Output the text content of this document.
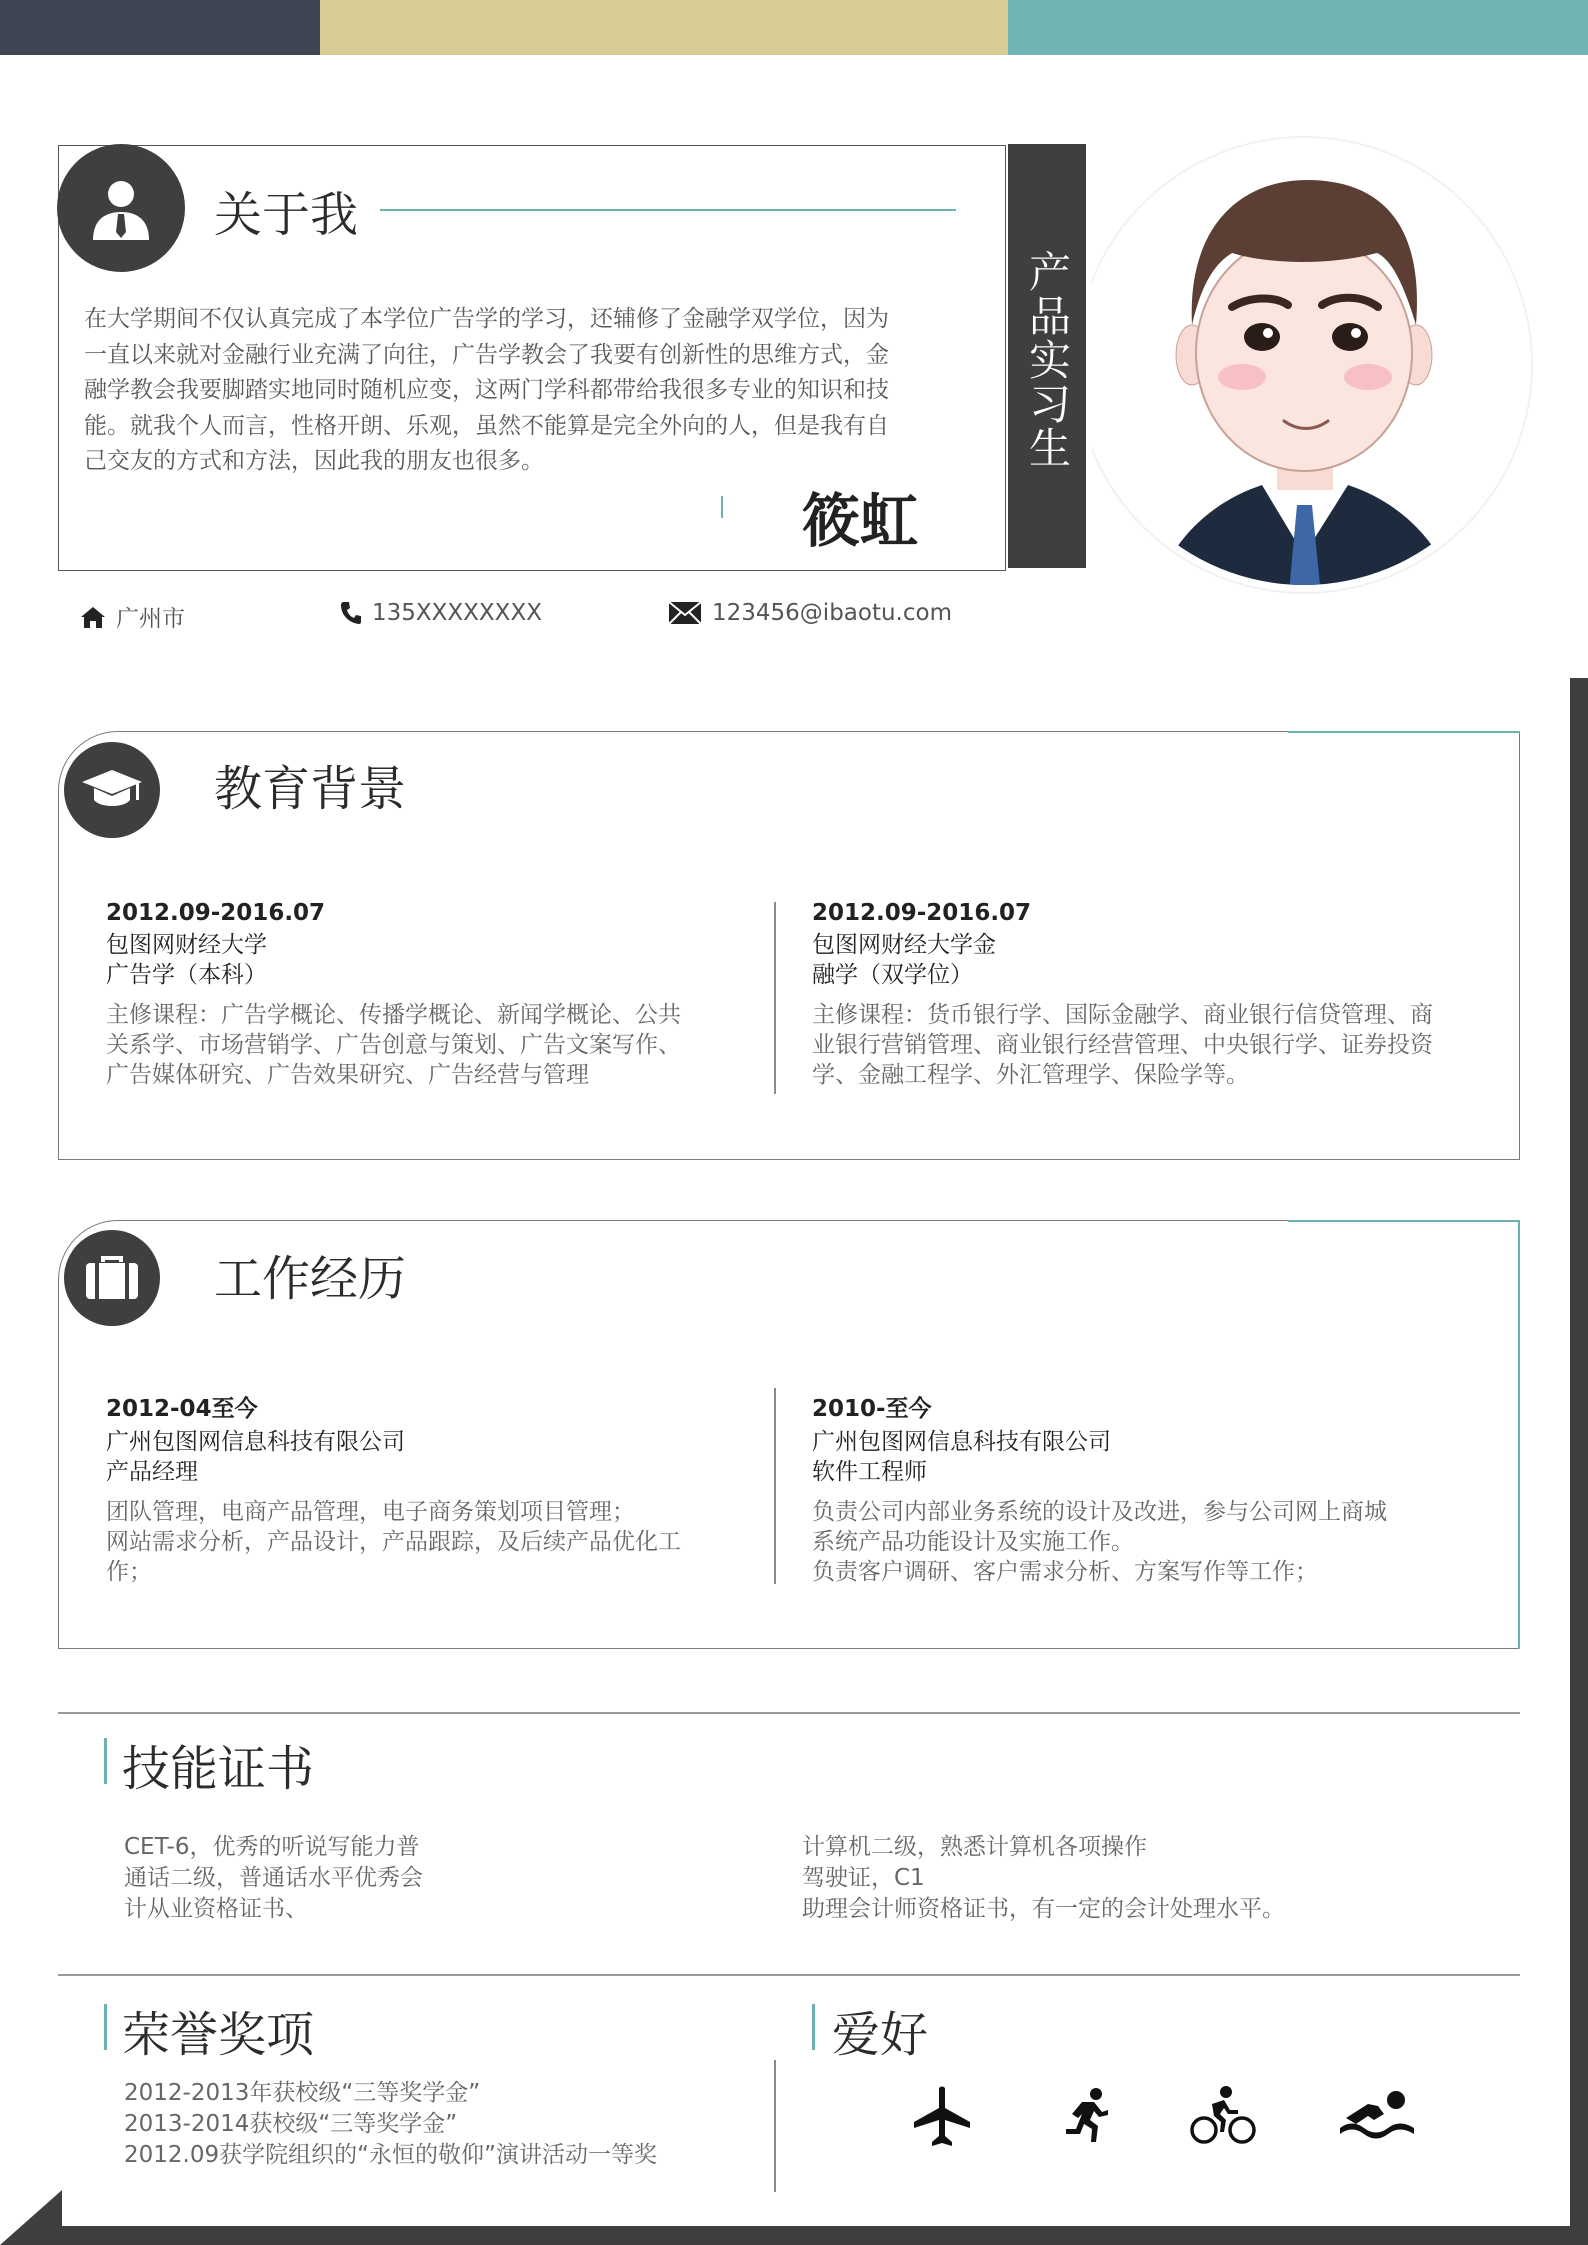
关于我
在大学期间不仅认真完成了本学位广告学的学习，还辅修了金融学双学位，因为
一直以来就对金融行业充满了向往，广告学教会了我要有创新性的思维方式，金
融学教会我要脚踏实地同时随机应变，这两门学科都带给我很多专业的知识和技
能。就我个人而言，性格开朗、乐观，虽然不能算是完全外向的人，但是我有自
己交友的方式和方法，因此我的朋友也很多。
筱虹
产品实习生
广州市	135XXXXXXXX	123456@ibaotu.com
教育背景

2012.09-2016.07

包图网财经大学

广告学（本科）

主修课程：广告学概论、传播学概论、新闻学概论、公共
关系学、市场营销学、广告创意与策划、广告文案写作、
广告媒体研究、广告效果研究、广告经营与管理

2012.09-2016.07

包图网财经大学金

融学（双学位）

主修课程：货币银行学、国际金融学、商业银行信贷管理、商
业银行营销管理、商业银行经营管理、中央银行学、证券投资
学、金融工程学、外汇管理学、保险学等。
工作经历

2012-04至今

广州包图网信息科技有限公司

产品经理

团队管理，电商产品管理，电子商务策划项目管理；
网站需求分析，产品设计，产品跟踪，及后续产品优化工
作；

2010-至今

广州包图网信息科技有限公司

软件工程师

负责公司内部业务系统的设计及改进，参与公司网上商城
系统产品功能设计及实施工作。
负责客户调研、客户需求分析、方案写作等工作；
技能证书
CET-6，优秀的听说写能力普
通话二级，普通话水平优秀会
计从业资格证书、
计算机二级，熟悉计算机各项操作
驾驶证，C1
助理会计师资格证书，有一定的会计处理水平。
荣誉奖项
2012-2013年获校级“三等奖学金”
2013-2014获校级“三等奖学金”
2012.09获学院组织的“永恒的敬仰”演讲活动一等奖
爱好
